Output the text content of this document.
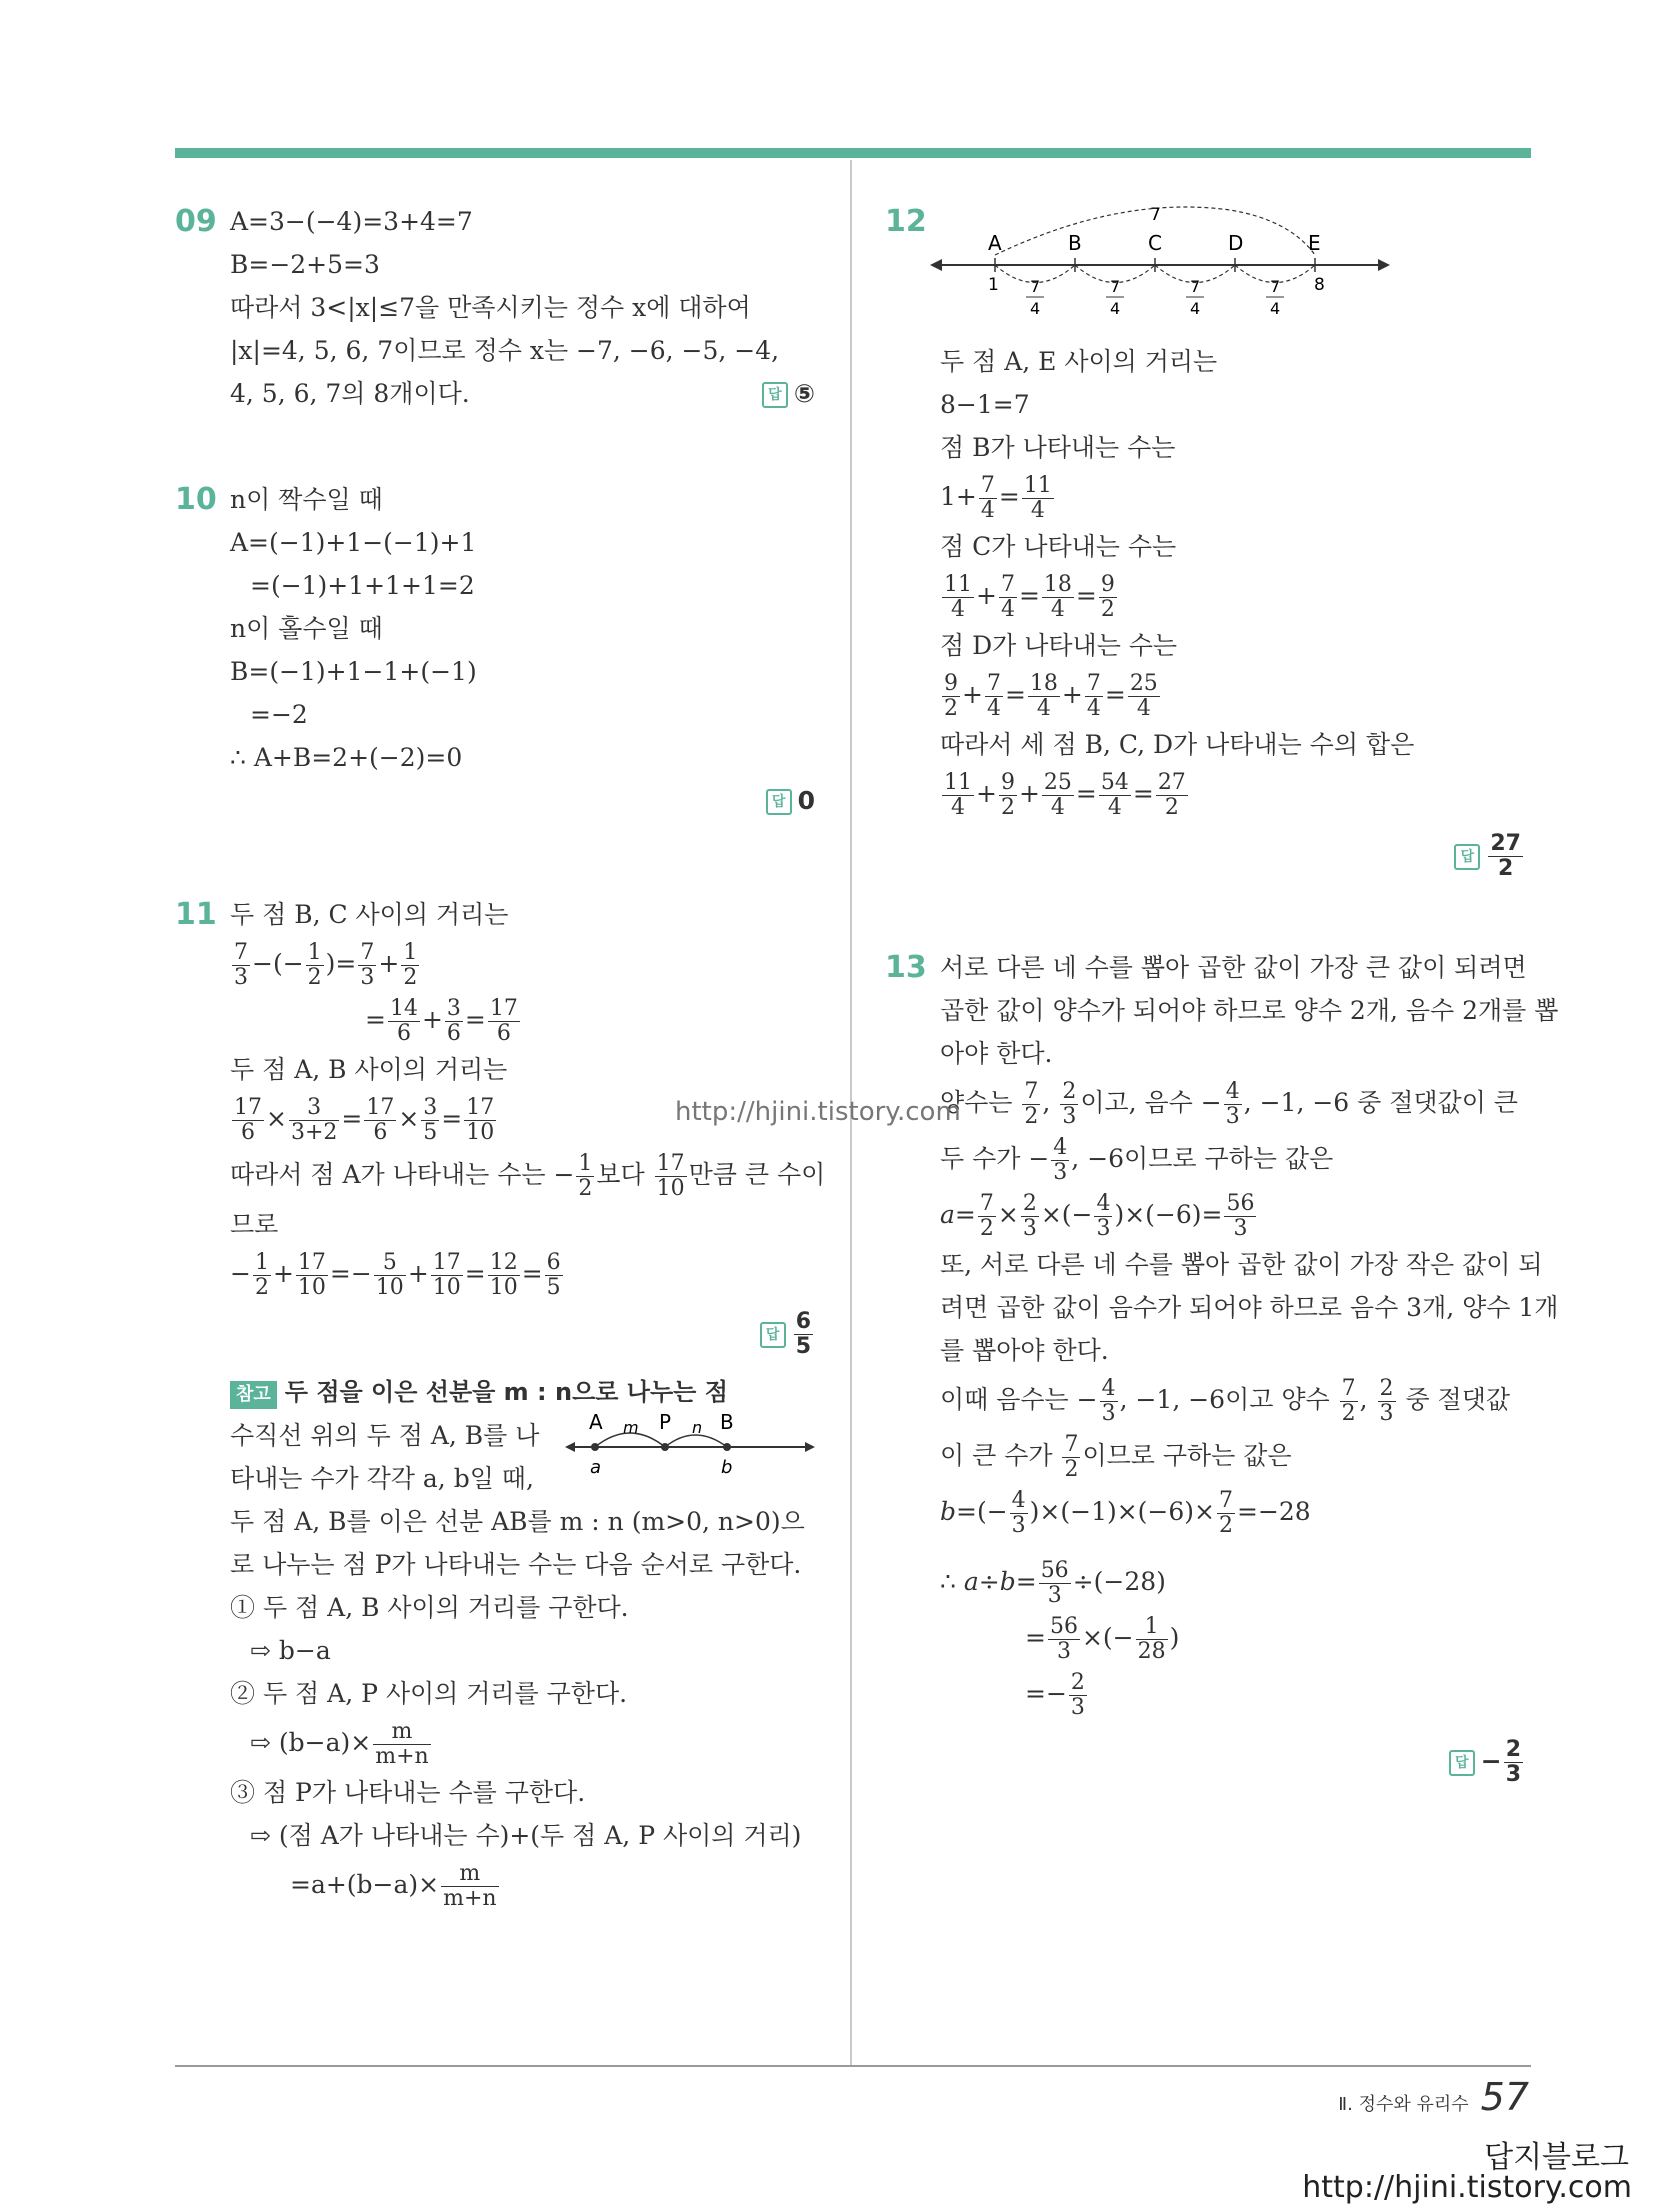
09 A=3−(−4)=3+4=7
B=−2+5=3
따라서 3<|x|≤7을 만족시키는 정수 x에 대하여
|x|=4, 5, 6, 7이므로 정수 x는 −7, −6, −5, −4,
4, 5, 6, 7의 8개이다.	답 ⑤
10 n이 짝수일 때
A=(−1)+1−(−1)+1
=(−1)+1+1+1=2
n이 홀수일 때
B=(−1)+1−1+(−1)
=−2
∴ A+B=2+(−2)=0
답 0
11 두 점 B, C 사이의 거리는
$\frac{7}{3}$ −(− $\frac{1}{2}$ )= $\frac{7}{3} + \frac{1}{2}$
= $\frac{14}{6} + \frac{3}{6} = \frac{17}{6}$
두 점 A, B 사이의 거리는
$\frac{17}{6} \times \frac{3}{3+2} = \frac{17}{6} \times \frac{3}{5} = \frac{17}{10}$
따라서 점 A가 나타내는 수는 − $\frac{1}{2}$ 보다 $\frac{17}{10}$ 만큼 큰 수이
므로
− $\frac{1}{2} + \frac{17}{10} =- \frac{5}{10} + \frac{17}{10} = \frac{12}{10} = \frac{6}{5}$
답 $\frac{6}{5}$
참고 두 점을 이은 선분을 m : n으로 나누는 점
A	P B
m	n
a	b
수직선 위의 두 점 A, B를 나
타내는 수가 각각 a, b일 때,
두 점 A, B를 이은 선분 AB를 m : n (m>0, n>0)으
로 나누는 점 P가 나타내는 수는 다음 순서로 구한다.
① 두 점 A, B 사이의 거리를 구한다.
⇨ b−a
② 두 점 A, P 사이의 거리를 구한다.
⇨ $(b-a)\times \frac{m}{m+n}$
③ 점 P가 나타내는 수를 구한다.
⇨ (점 A가 나타내는 수)+(두 점 A, P 사이의 거리)
$=a+(b-a)\times \frac{m}{m+n}$
12
A	B	C	D	E
7
1	8
7
4
7
4
7
4
7
4
두 점 A, E 사이의 거리는
8−1=7
점 B가 나타내는 수는
$1+ \frac{7}{4} = \frac{11}{4}$
점 C가 나타내는 수는
$\frac{11}{4} + \frac{7}{4} = \frac{18}{4} = \frac{9}{2}$
점 D가 나타내는 수는
$\frac{9}{2} + \frac{7}{4} = \frac{18}{4} + \frac{7}{4} = \frac{25}{4}$
따라서 세 점 B, C, D가 나타내는 수의 합은
$\frac{11}{4} + \frac{9}{2} + \frac{25}{4} = \frac{54}{4} = \frac{27}{2}$
답 $\frac{27}{2}$
13 서로 다른 네 수를 뽑아 곱한 값이 가장 큰 값이 되려면
곱한 값이 양수가 되어야 하므로 양수 2개, 음수 2개를 뽑
아야 한다.
양수는 $\frac{7}{2}$ , $\frac{2}{3}$ 이고, 음수 − $\frac{4}{3}$ , −1, −6 중 절댓값이 큰
두 수가 − $\frac{4}{3}$ , −6이므로 구하는 값은
$a= \frac{7}{2} \times \frac{2}{3}$ ×(− $\frac{4}{3} )\times(-6)= \frac{56}{3}$
또, 서로 다른 네 수를 뽑아 곱한 값이 가장 작은 값이 되
려면 곱한 값이 음수가 되어야 하므로 음수 3개, 양수 1개
를 뽑아야 한다.
이때 음수는 − $\frac{4}{3}$ , −1, −6이고 양수 $\frac{7}{2}$ , $\frac{2}{3}$ 중 절댓값
이 큰 수가 $\frac{7}{2}$ 이므로 구하는 값은
$b=(- \frac{4}{3} )\times(-1)\times(-6)\times \frac{7}{2} =-28$
∴ $a\div b= \frac{56}{3} \div(-28)$
= $\frac{56}{3}$ ×(− $\frac{1}{28}$ )
=− $\frac{2}{3}$
답 − $\frac{2}{3}$
Ⅱ. 정수와 유리수 57
http://hjini.tistory.com
답지블로그
http://hjini.tistory.com
